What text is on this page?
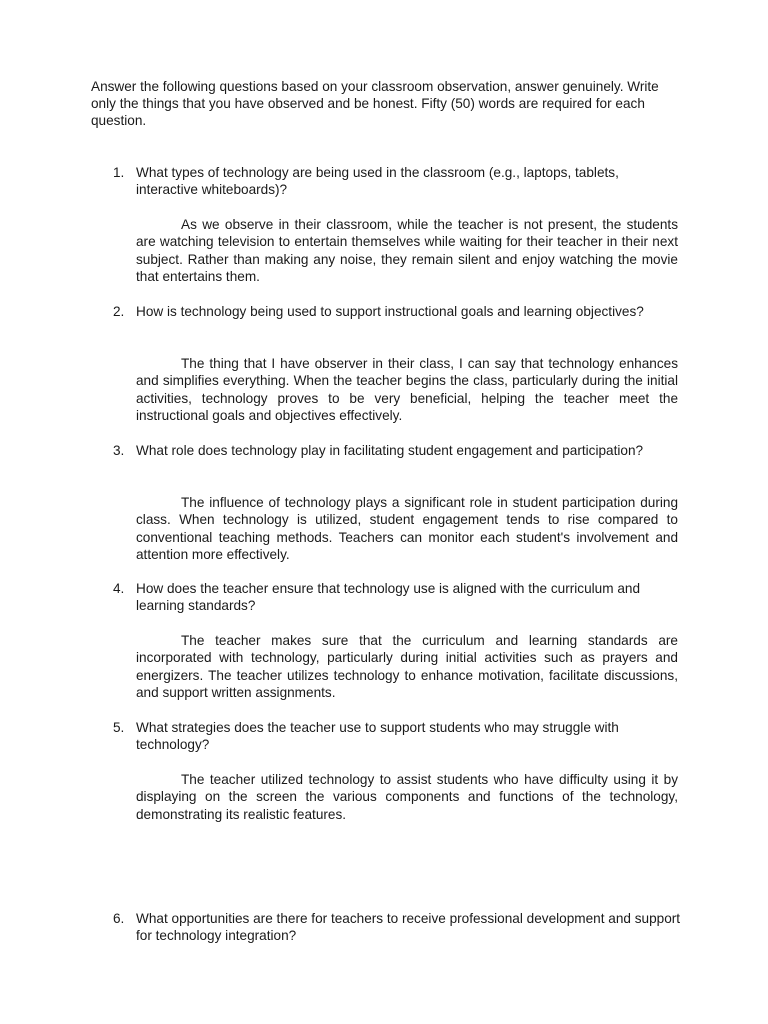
Answer the following questions based on your classroom observation, answer genuinely. Write only the things that you have observed and be honest. Fifty (50) words are required for each question.

1. What types of technology are being used in the classroom (e.g., laptops, tablets, interactive whiteboards)?

As we observe in their classroom, while the teacher is not present, the students are watching television to entertain themselves while waiting for their teacher in their next subject. Rather than making any noise, they remain silent and enjoy watching the movie that entertains them.

2. How is technology being used to support instructional goals and learning objectives?

The thing that I have observer in their class, I can say that technology enhances and simplifies everything. When the teacher begins the class, particularly during the initial activities, technology proves to be very beneficial, helping the teacher meet the instructional goals and objectives effectively.

3. What role does technology play in facilitating student engagement and participation?

The influence of technology plays a significant role in student participation during class. When technology is utilized, student engagement tends to rise compared to conventional teaching methods. Teachers can monitor each student's involvement and attention more effectively.

4. How does the teacher ensure that technology use is aligned with the curriculum and learning standards?

The teacher makes sure that the curriculum and learning standards are incorporated with technology, particularly during initial activities such as prayers and energizers. The teacher utilizes technology to enhance motivation, facilitate discussions, and support written assignments.

5. What strategies does the teacher use to support students who may struggle with technology?

The teacher utilized technology to assist students who have difficulty using it by displaying on the screen the various components and functions of the technology, demonstrating its realistic features.

6. What opportunities are there for teachers to receive professional development and support for technology integration?
